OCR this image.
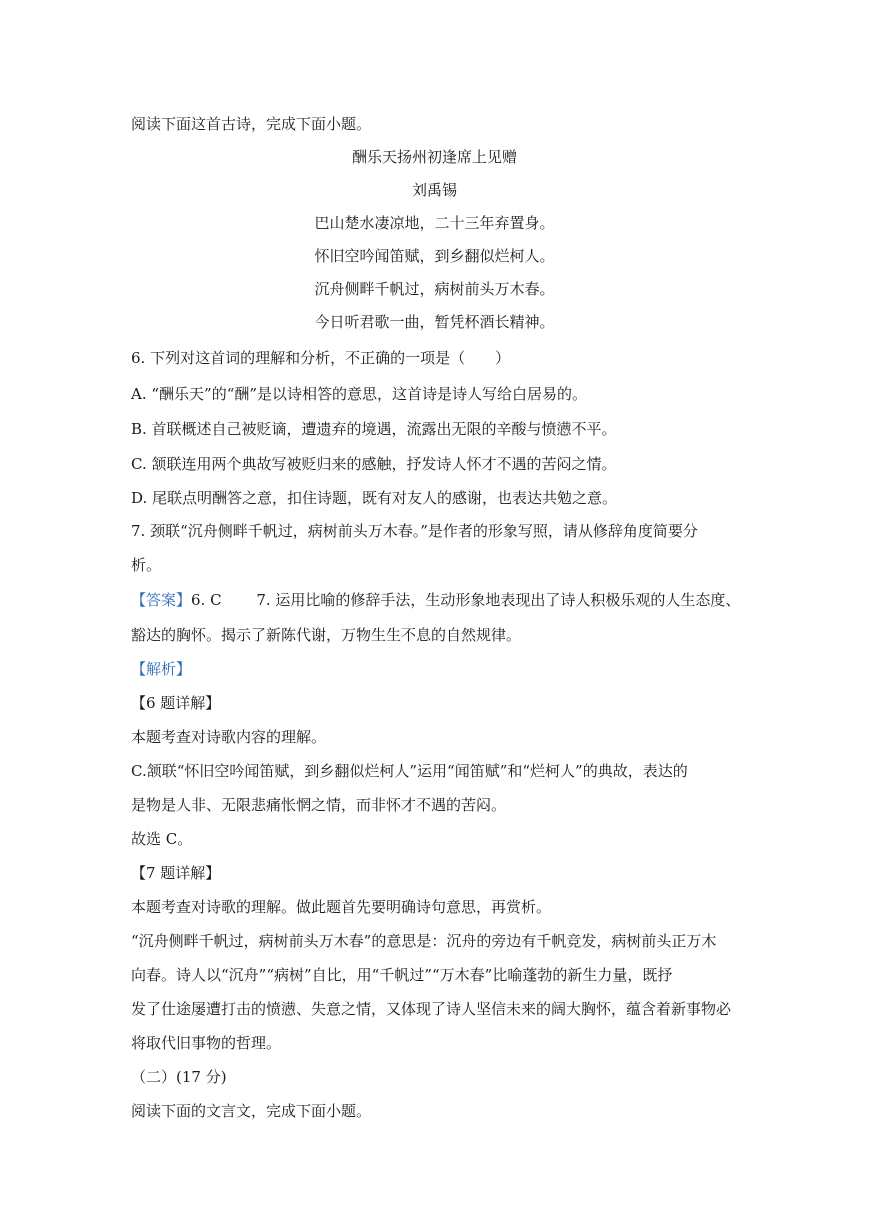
阅读下面这首古诗，完成下面小题。
酬乐天扬州初逢席上见赠
刘禹锡
巴山楚水凄凉地，二十三年弃置身。
怀旧空吟闻笛赋，到乡翻似烂柯人。
沉舟侧畔千帆过，病树前头万木春。
今日听君歌一曲，暂凭杯酒长精神。
6. 下列对这首词的理解和分析，不正确的一项是（　　）
A. “酬乐天”的“酬”是以诗相答的意思，这首诗是诗人写给白居易的。
B. 首联概述自己被贬谪，遭遗弃的境遇，流露出无限的辛酸与愤懑不平。
C. 颔联连用两个典故写被贬归来的感触，抒发诗人怀才不遇的苦闷之情。
D. 尾联点明酬答之意，扣住诗题，既有对友人的感谢，也表达共勉之意。
7. 颈联“沉舟侧畔千帆过，病树前头万木春。”是作者的形象写照，请从修辞角度简要分
析。
【答案】6. C　　 7. 运用比喻的修辞手法，生动形象地表现出了诗人积极乐观的人生态度、
豁达的胸怀。揭示了新陈代谢，万物生生不息的自然规律。
【解析】
【6 题详解】
本题考查对诗歌内容的理解。
C.颔联“怀旧空吟闻笛赋，到乡翻似烂柯人”运用“闻笛赋”和“烂柯人”的典故，表达的
是物是人非、无限悲痛怅惘之情，而非怀才不遇的苦闷。
故选 C。
【7 题详解】
本题考查对诗歌的理解。做此题首先要明确诗句意思，再赏析。
“沉舟侧畔千帆过，病树前头万木春”的意思是：沉舟的旁边有千帆竞发，病树前头正万木
向春。诗人以“沉舟”“病树”自比，用“千帆过”“万木春”比喻蓬勃的新生力量，既抒
发了仕途屡遭打击的愤懑、失意之情，又体现了诗人坚信未来的阔大胸怀，蕴含着新事物必
将取代旧事物的哲理。
（二）(17 分)
阅读下面的文言文，完成下面小题。
